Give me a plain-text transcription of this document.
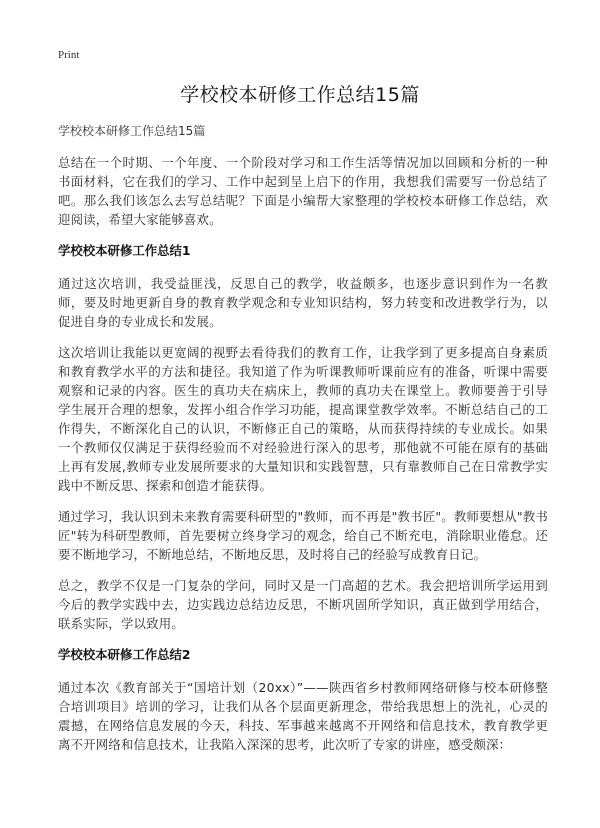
Print
学校校本研修工作总结15篇

学校校本研修工作总结15篇

总结在一个时期、一个年度、一个阶段对学习和工作生活等情况加以回顾和分析的一种书面材料，它在我们的学习、工作中起到呈上启下的作用，我想我们需要写一份总结了吧。那么我们该怎么去写总结呢？下面是小编帮大家整理的学校校本研修工作总结，欢迎阅读，希望大家能够喜欢。

学校校本研修工作总结1

通过这次培训，我受益匪浅，反思自己的教学，收益颇多，也逐步意识到作为一名教师，要及时地更新自身的教育教学观念和专业知识结构，努力转变和改进教学行为，以促进自身的专业成长和发展。

这次培训让我能以更宽阔的视野去看待我们的教育工作，让我学到了更多提高自身素质和教育教学水平的方法和捷径。我知道了作为听课教师听课前应有的准备，听课中需要观察和记录的内容。医生的真功夫在病床上，教师的真功夫在课堂上。教师要善于引导学生展开合理的想象，发挥小组合作学习功能，提高课堂教学效率。不断总结自己的工作得失，不断深化自己的认识，不断修正自己的策略，从而获得持续的专业成长。如果一个教师仅仅满足于获得经验而不对经验进行深入的思考，那他就不可能在原有的基础上再有发展,教师专业发展所要求的大量知识和实践智慧，只有靠教师自己在日常教学实践中不断反思、探索和创造才能获得。

通过学习，我认识到未来教育需要科研型的"教师，而不再是"教书匠"。教师要想从"教书匠"转为科研型教师，首先要树立终身学习的观念，给自己不断充电，消除职业倦怠。还要不断地学习，不断地总结，不断地反思，及时将自己的经验写成教育日记。

总之，教学不仅是一门复杂的学问，同时又是一门高超的艺术。我会把培训所学运用到今后的教学实践中去，边实践边总结边反思，不断巩固所学知识，真正做到学用结合，联系实际，学以致用。

学校校本研修工作总结2

通过本次《教育部关于“国培计划（20xx）”——陕西省乡村教师网络研修与校本研修整合培训项目》培训的学习，让我们从各个层面更新理念，带给我思想上的洗礼，心灵的震撼，在网络信息发展的今天，科技、军事越来越离不开网络和信息技术，教育教学更离不开网络和信息技术，让我陷入深深的思考，此次听了专家的讲座，感受颇深：
